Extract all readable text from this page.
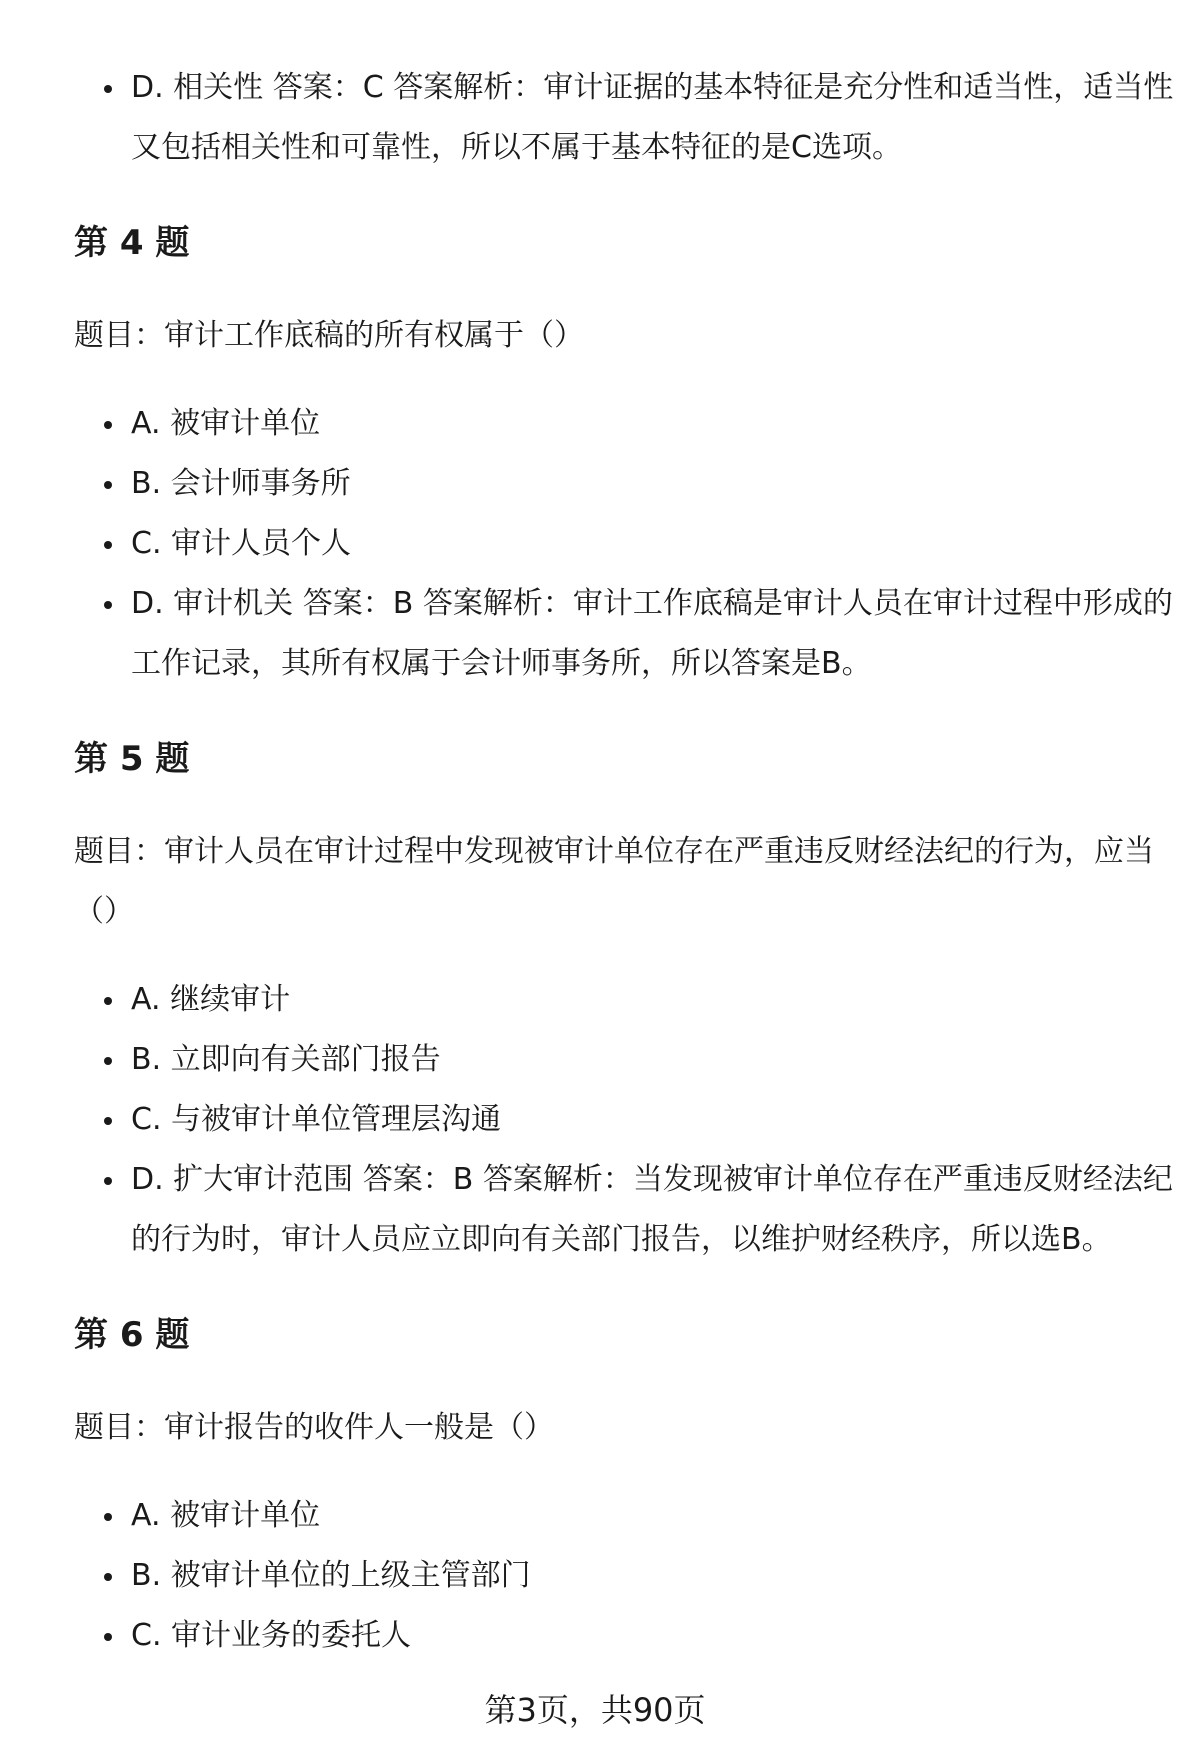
D. 相关性 答案：C 答案解析：审计证据的基本特征是充分性和适当性，适当性又包括相关性和可靠性，所以不属于基本特征的是C选项。
第 4 题
题目：审计工作底稿的所有权属于（）
A. 被审计单位
B. 会计师事务所
C. 审计人员个人
D. 审计机关 答案：B 答案解析：审计工作底稿是审计人员在审计过程中形成的工作记录，其所有权属于会计师事务所，所以答案是B。
第 5 题
题目：审计人员在审计过程中发现被审计单位存在严重违反财经法纪的行为，应当（）
A. 继续审计
B. 立即向有关部门报告
C. 与被审计单位管理层沟通
D. 扩大审计范围 答案：B 答案解析：当发现被审计单位存在严重违反财经法纪的行为时，审计人员应立即向有关部门报告，以维护财经秩序，所以选B。
第 6 题
题目：审计报告的收件人一般是（）
A. 被审计单位
B. 被审计单位的上级主管部门
C. 审计业务的委托人
第3页，共90页
